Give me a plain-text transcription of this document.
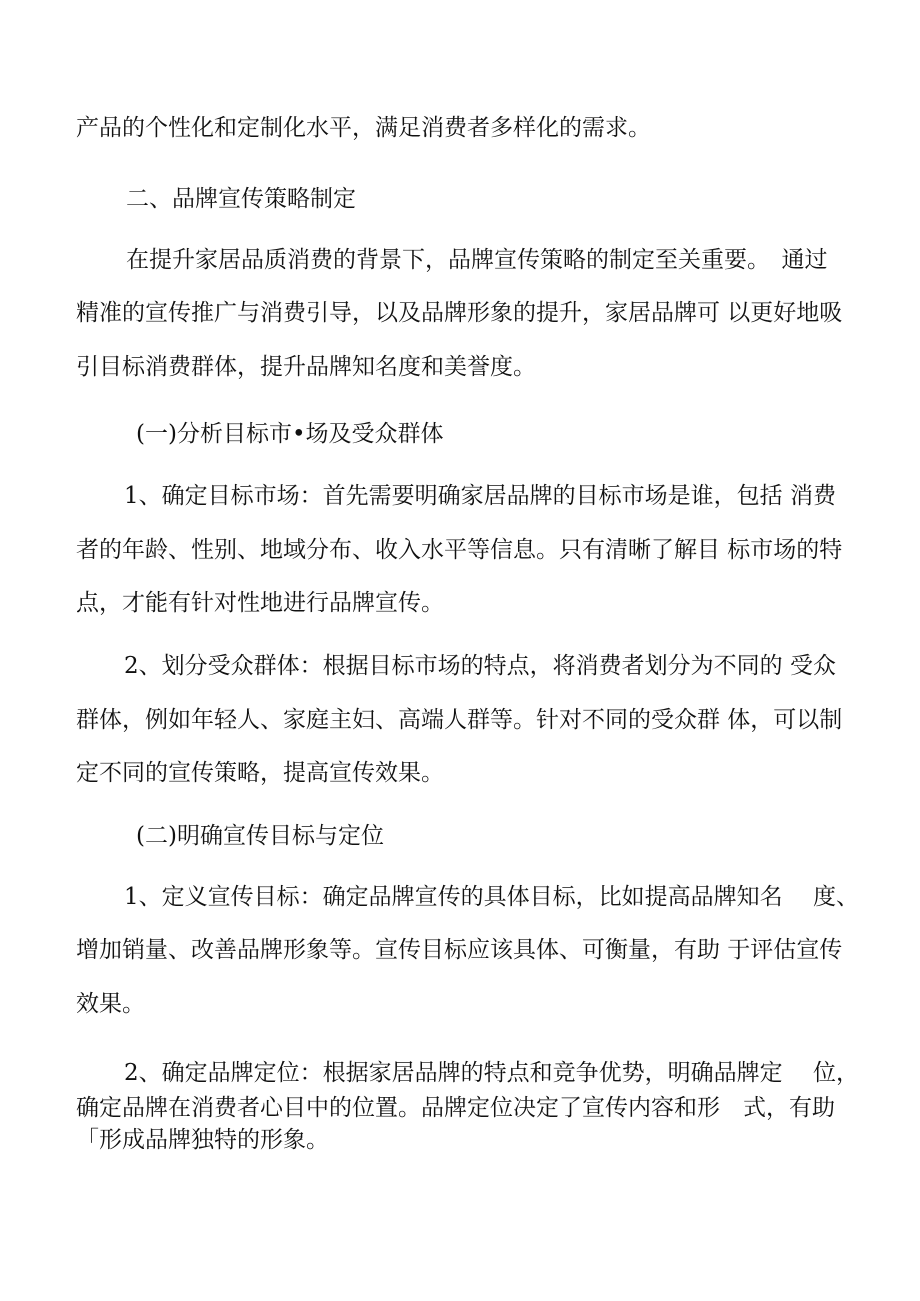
产品的个性化和定制化水平，满足消费者多样化的需求。
二、品牌宣传策略制定
在提升家居品质消费的背景下，品牌宣传策略的制定至关重要。　通过
精准的宣传推广与消费引导，以及品牌形象的提升，家居品牌可 以更好地吸
引目标消费群体，提升品牌知名度和美誉度。
(一)分析目标市•场及受众群体
1、确定目标市场：首先需要明确家居品牌的目标市场是谁，包括 消费
者的年龄、性别、地域分布、收入水平等信息。只有清晰了解目 标市场的特
点，才能有针对性地进行品牌宣传。
2、划分受众群体：根据目标市场的特点，将消费者划分为不同的 受众
群体，例如年轻人、家庭主妇、高端人群等。针对不同的受众群 体，可以制
定不同的宣传策略，提高宣传效果。
(二)明确宣传目标与定位
1、定义宣传目标：确定品牌宣传的具体目标，比如提高品牌知名　 度、
增加销量、改善品牌形象等。宣传目标应该具体、可衡量，有助 于评估宣传
效果。
2、确定品牌定位：根据家居品牌的特点和竞争优势，明确品牌定　 位，
确定品牌在消费者心目中的位置。品牌定位决定了宣传内容和形　式，有助
「形成品牌独特的形象。
